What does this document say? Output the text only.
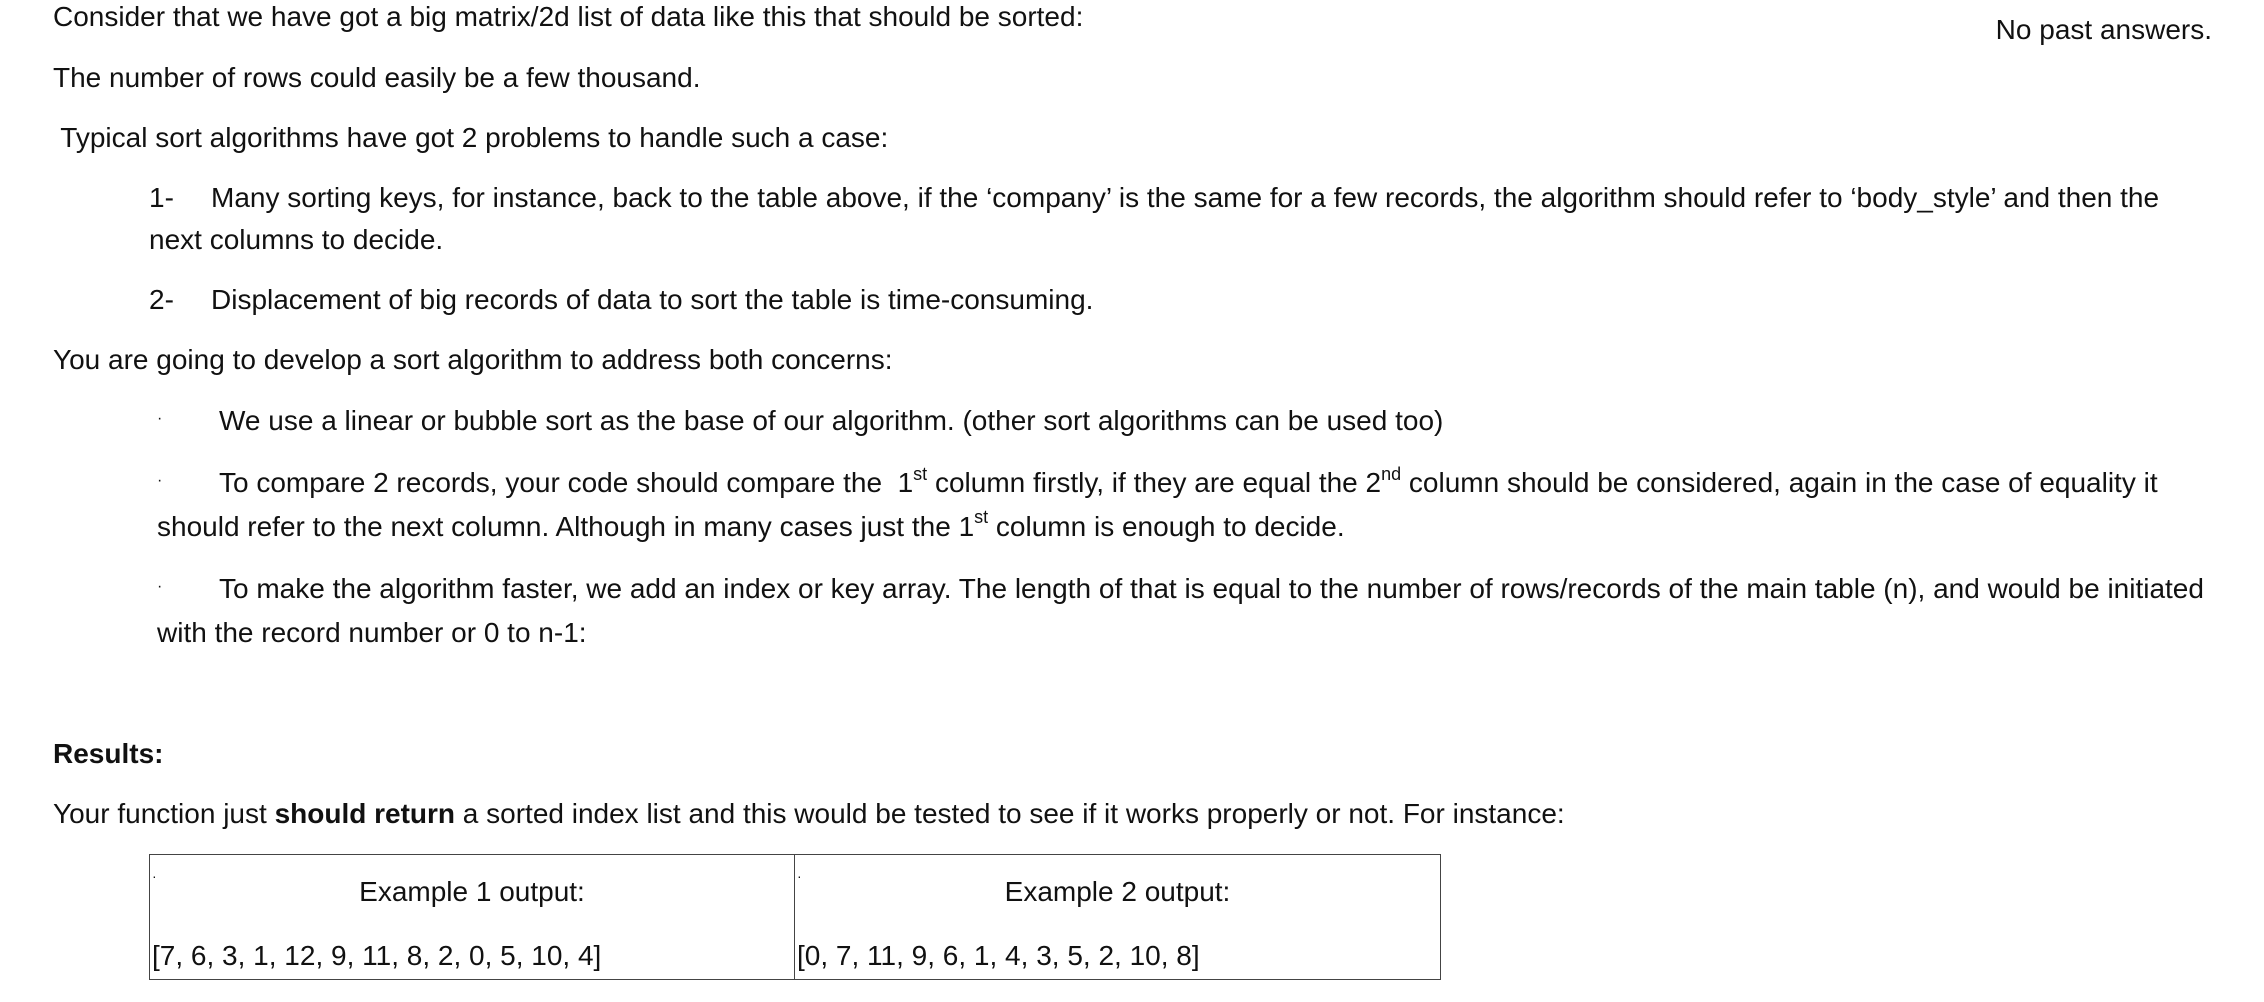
No past answers.
Consider that we have got a big matrix/2d list of data like this that should be sorted:
The number of rows could easily be a few thousand.
Typical sort algorithms have got 2 problems to handle such a case:
1- Many sorting keys, for instance, back to the table above, if the ‘company’ is the same for a few records, the algorithm should refer to ‘body_style’ and then the next columns to decide.
2- Displacement of big records of data to sort the table is time-consuming.
You are going to develop a sort algorithm to address both concerns:
· We use a linear or bubble sort as the base of our algorithm. (other sort algorithms can be used too)
· To compare 2 records, your code should compare the  1st column firstly, if they are equal the 2nd column should be considered, again in the case of equality it should refer to the next column. Although in many cases just the 1st column is enough to decide.
· To make the algorithm faster, we add an index or key array. The length of that is equal to the number of rows/records of the main table (n), and would be initiated with the record number or 0 to n-1:
Results:
Your function just should return a sorted index list and this would be tested to see if it works properly or not. For instance:
·	Example 1 output:
[7, 6, 3, 1, 12, 9, 11, 8, 2, 0, 5, 10, 4]
·	Example 2 output:
[0, 7, 11, 9, 6, 1, 4, 3, 5, 2, 10, 8]
